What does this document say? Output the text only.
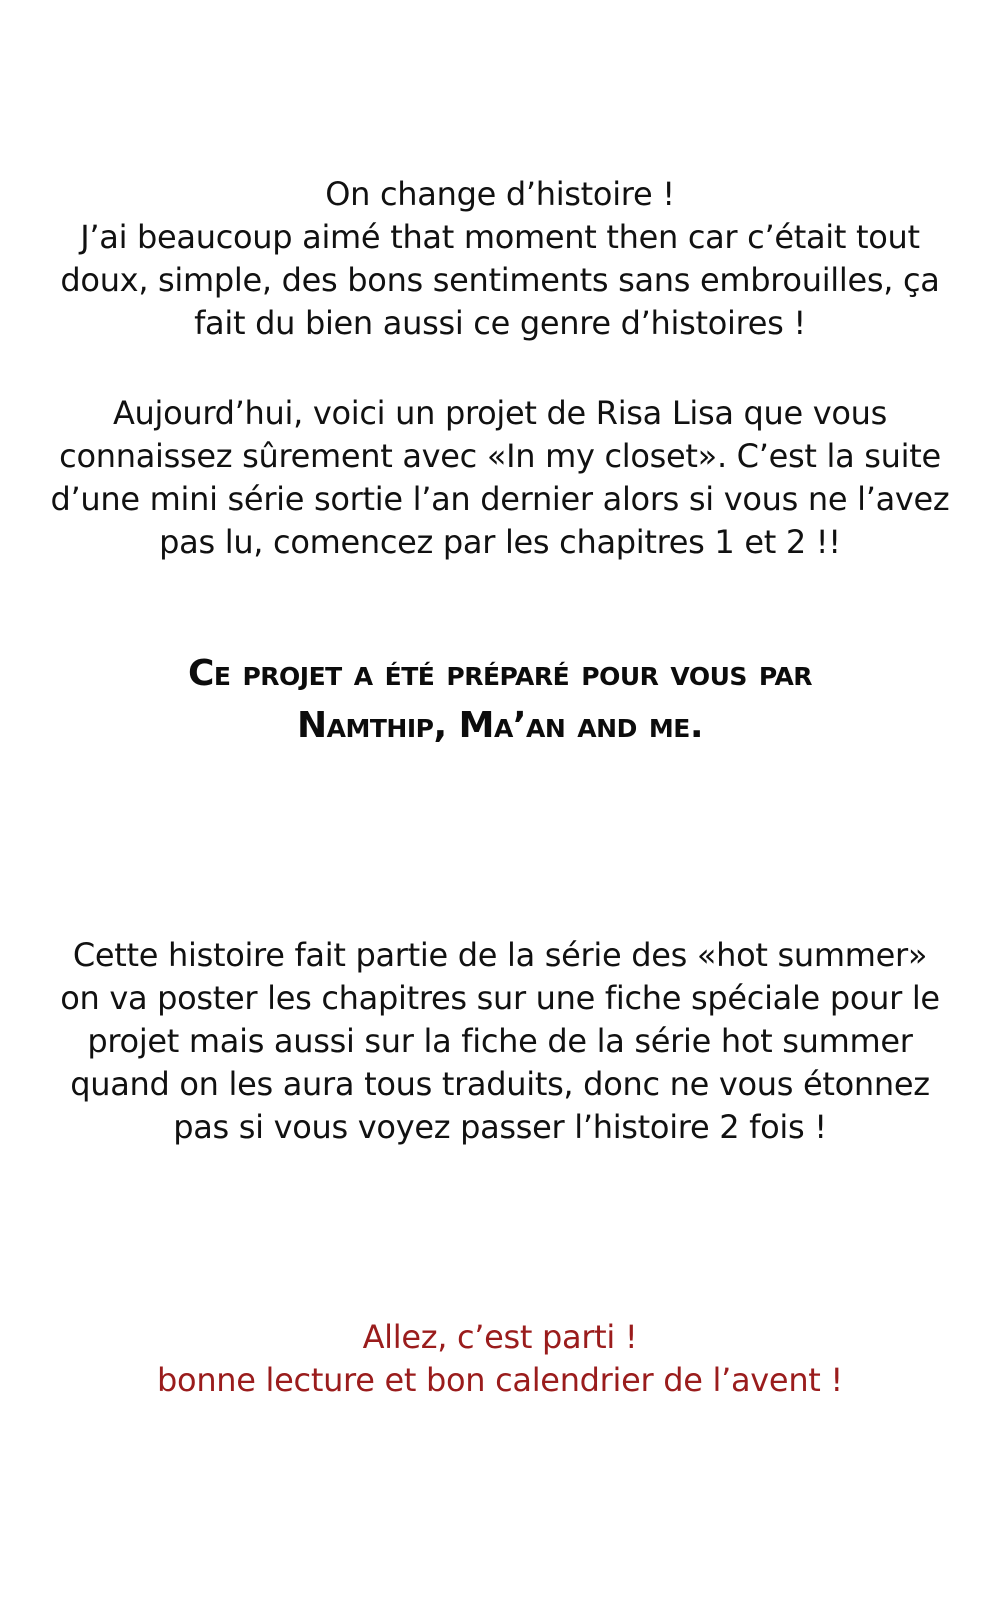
On change d’histoire !
J’ai beaucoup aimé that moment then car c’était tout
doux, simple, des bons sentiments sans embrouilles, ça
fait du bien aussi ce genre d’histoires !
Aujourd’hui, voici un projet de Risa Lisa que vous
connaissez sûrement avec «In my closet». C’est la suite
d’une mini série sortie l’an dernier alors si vous ne l’avez
pas lu, comencez par les chapitres 1 et 2 !!
Ce projet a été préparé pour vous par
Namthip, Ma’an and me.
Cette histoire fait partie de la série des «hot summer»
on va poster les chapitres sur une fiche spéciale pour le
projet mais aussi sur la fiche de la série hot summer
quand on les aura tous traduits, donc ne vous étonnez
pas si vous voyez passer l’histoire 2 fois !
Allez, c’est parti !
bonne lecture et bon calendrier de l’avent !
